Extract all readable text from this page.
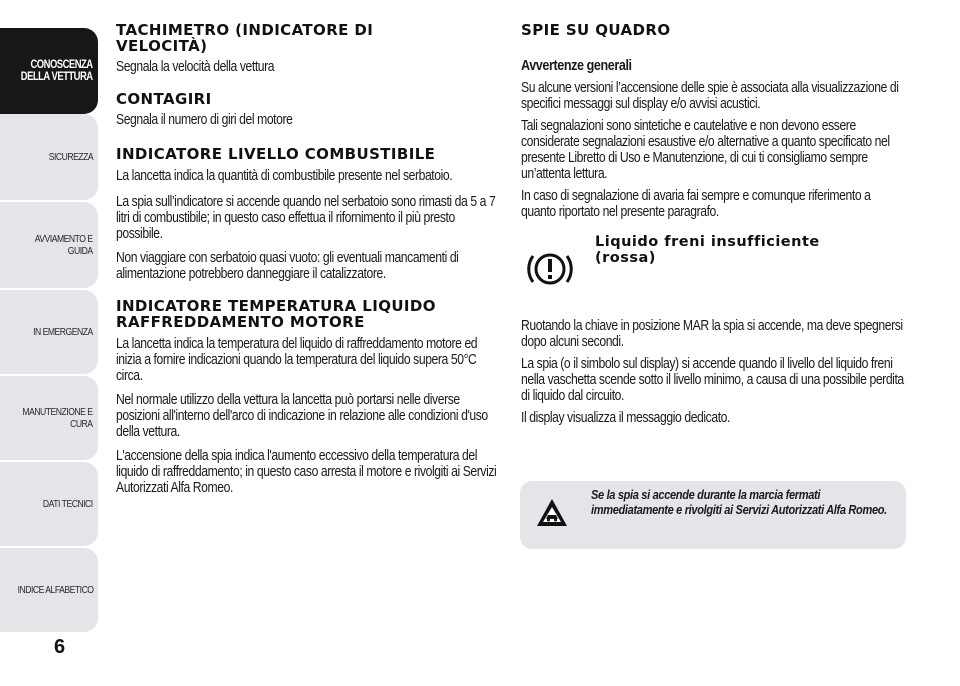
CONOSCENZA
DELLA VETTURA
SICUREZZA
AVVIAMENTO E
GUIDA
IN EMERGENZA
MANUTENZIONE E
CURA
DATI TECNICI
INDICE ALFABETICO
6
TACHIMETRO (INDICATORE DI VELOCITÀ)

Segnala la velocità della vettura

CONTAGIRI

Segnala il numero di giri del motore

INDICATORE LIVELLO COMBUSTIBILE

La lancetta indica la quantità di combustibile presente nel serbatoio.

La spia sull’indicatore si accende quando nel serbatoio sono rimasti da 5 a 7 litri di combustibile; in questo caso effettua il rifornimento il più presto possibile.

Non viaggiare con serbatoio quasi vuoto: gli eventuali mancamenti di alimentazione potrebbero danneggiare il catalizzatore.

INDICATORE TEMPERATURA LIQUIDO RAFFREDDAMENTO MOTORE

La lancetta indica la temperatura del liquido di raffreddamento motore ed inizia a fornire indicazioni quando la temperatura del liquido supera 50°C circa.

Nel normale utilizzo della vettura la lancetta può portarsi nelle diverse posizioni all'interno dell'arco di indicazione in relazione alle condizioni d'uso della vettura.

L'accensione della spia indica l'aumento eccessivo della temperatura del liquido di raffreddamento; in questo caso arresta il motore e rivolgiti ai Servizi Autorizzati Alfa Romeo.

SPIE SU QUADRO

Avvertenze generali

Su alcune versioni l’accensione delle spie è associata alla visualizzazione di specifici messaggi sul display e/o avvisi acustici.

Tali segnalazioni sono sintetiche e cautelative e non devono essere considerate segnalazioni esaustive e/o alternative a quanto specificato nel presente Libretto di Uso e Manutenzione, di cui ti consigliamo sempre un’attenta lettura.

In caso di segnalazione di avaria fai sempre e comunque riferimento a quanto riportato nel presente paragrafo.

Liquido freni insufficiente (rossa)

Ruotando la chiave in posizione MAR la spia si accende, ma deve spegnersi dopo alcuni secondi.

La spia (o il simbolo sul display) si accende quando il livello del liquido freni nella vaschetta scende sotto il livello minimo, a causa di una possibile perdita di liquido dal circuito.

Il display visualizza il messaggio dedicato.

Se la spia si accende durante la marcia fermati immediatamente e rivolgiti ai Servizi Autorizzati Alfa Romeo.
